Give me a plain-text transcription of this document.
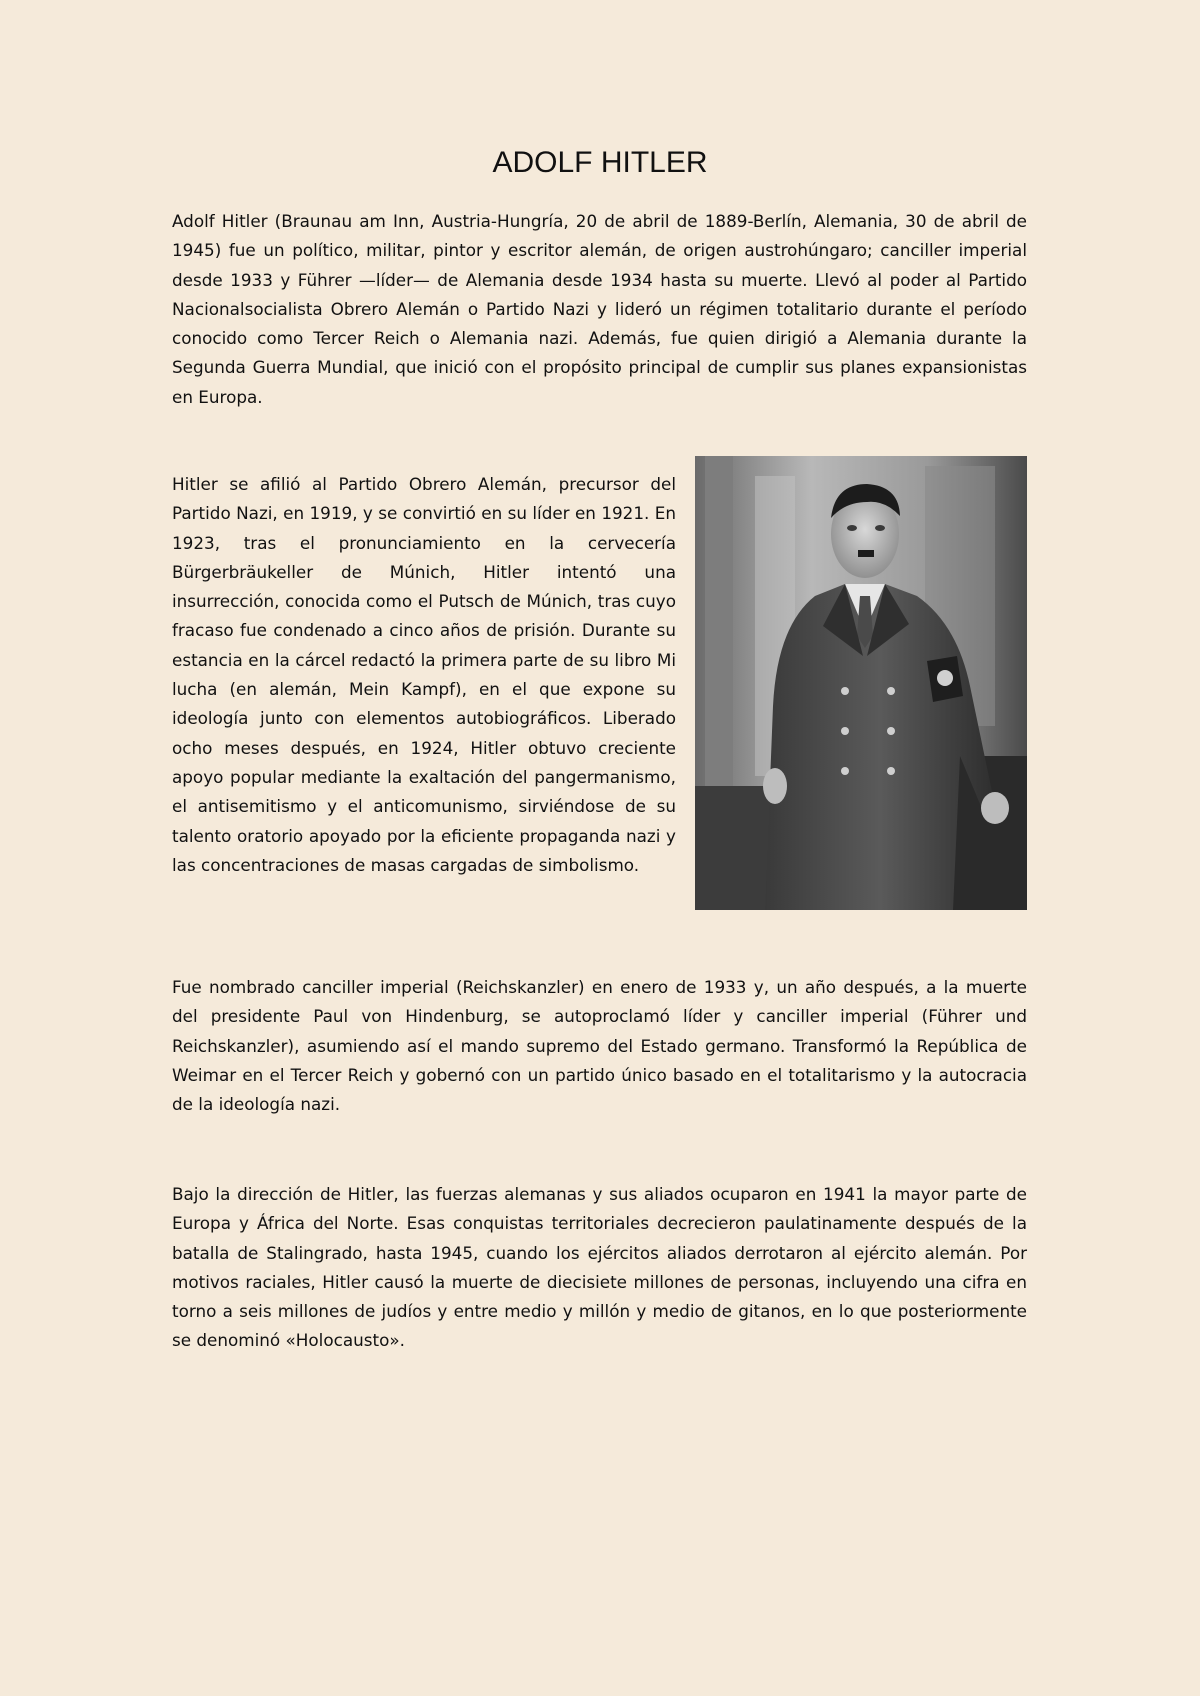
ADOLF HITLER

Adolf Hitler (Braunau am Inn, Austria-Hungría, 20 de abril de 1889-Berlín, Alemania, 30 de abril de 1945) fue un político, militar, pintor y escritor alemán, de origen austrohúngaro; canciller imperial desde 1933 y Führer —líder— de Alemania desde 1934 hasta su muerte. Llevó al poder al Partido Nacionalsocialista Obrero Alemán o Partido Nazi y lideró un régimen totalitario durante el período conocido como Tercer Reich o Alemania nazi. Además, fue quien dirigió a Alemania durante la Segunda Guerra Mundial, que inició con el propósito principal de cumplir sus planes expansionistas en Europa.

Hitler se afilió al Partido Obrero Alemán, precursor del Partido Nazi, en 1919, y se convirtió en su líder en 1921. En 1923, tras el pronunciamiento en la cervecería Bürgerbräukeller de Múnich, Hitler intentó una insurrección, conocida como el Putsch de Múnich, tras cuyo fracaso fue condenado a cinco años de prisión. Durante su estancia en la cárcel redactó la primera parte de su libro Mi lucha (en alemán, Mein Kampf), en el que expone su ideología junto con elementos autobiográficos. Liberado ocho meses después, en 1924, Hitler obtuvo creciente apoyo popular mediante la exaltación del pangermanismo, el antisemitismo y el anticomunismo, sirviéndose de su talento oratorio apoyado por la eficiente propaganda nazi y las concentraciones de masas cargadas de simbolismo.

Fue nombrado canciller imperial (Reichskanzler) en enero de 1933 y, un año después, a la muerte del presidente Paul von Hindenburg, se autoproclamó líder y canciller imperial (Führer und Reichskanzler), asumiendo así el mando supremo del Estado germano. Transformó la República de Weimar en el Tercer Reich y gobernó con un partido único basado en el totalitarismo y la autocracia de la ideología nazi.

Bajo la dirección de Hitler, las fuerzas alemanas y sus aliados ocuparon en 1941 la mayor parte de Europa y África del Norte. Esas conquistas territoriales decrecieron paulatinamente después de la batalla de Stalingrado, hasta 1945, cuando los ejércitos aliados derrotaron al ejército alemán. Por motivos raciales, Hitler causó la muerte de diecisiete millones de personas, incluyendo una cifra en torno a seis millones de judíos y entre medio y millón y medio de gitanos, en lo que posteriormente se denominó «Holocausto».
